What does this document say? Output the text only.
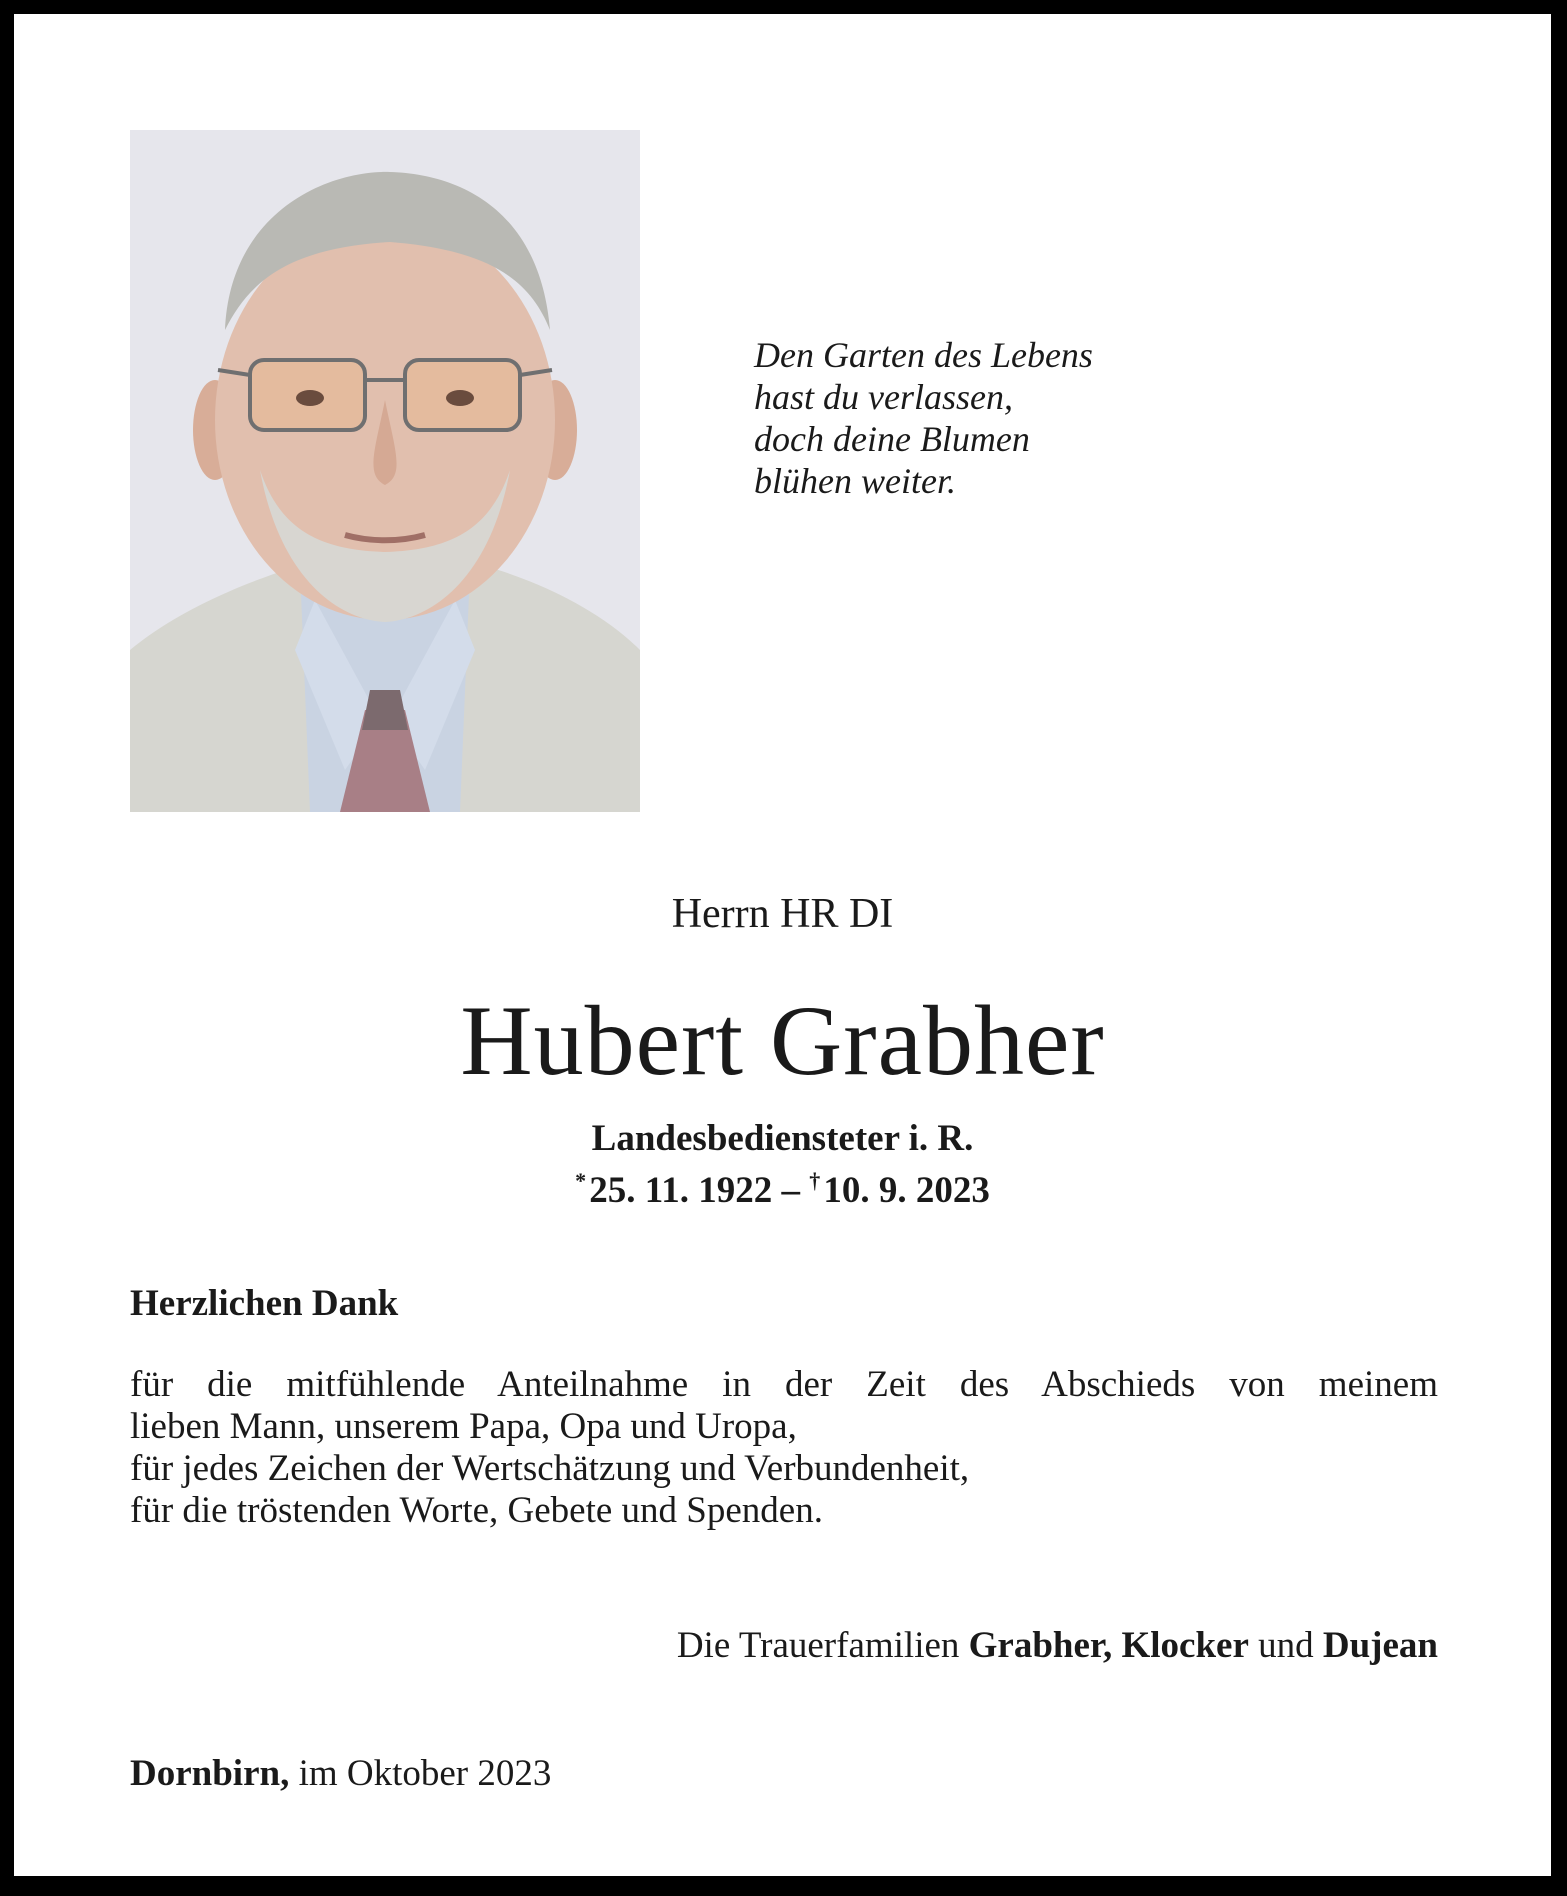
Den Garten des Lebens
hast du verlassen,
doch deine Blumen
blühen weiter.
Herrn HR DI
Hubert Grabher
Landesbediensteter i. R.
* 25. 11. 1922 – † 10. 9. 2023
Herzlichen Dank
für die mitfühlende Anteilnahme in der Zeit des Abschieds von meinem
lieben Mann, unserem Papa, Opa und Uropa,
für jedes Zeichen der Wertschätzung und Verbundenheit,
für die tröstenden Worte, Gebete und Spenden.
Die Trauerfamilien Grabher, Klocker und Dujean
Dornbirn, im Oktober 2023
